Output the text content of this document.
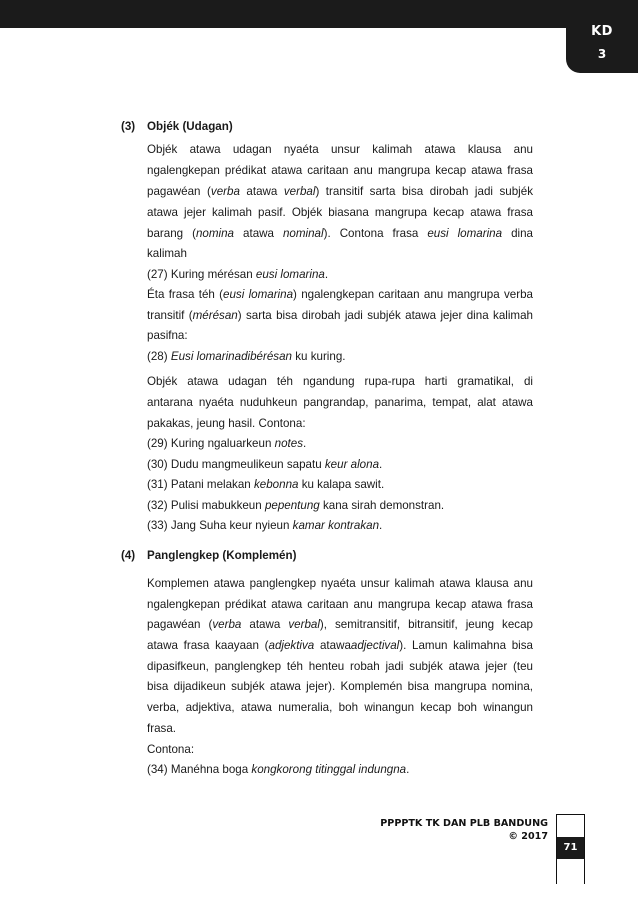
KD
3
(3) Objék (Udagan)
Objék atawa udagan nyaéta unsur kalimah atawa klausa anu
ngalengkepan prédikat atawa caritaan anu mangrupa kecap atawa frasa
pagawéan (verba atawa verbal) transitif sarta bisa dirobah jadi subjék
atawa jejer kalimah pasif. Objék biasana mangrupa kecap atawa frasa
barang (nomina atawa nominal). Contona frasa eusi lomarina dina
kalimah
(27) Kuring mérésan eusi lomarina.
Éta frasa téh (eusi lomarina) ngalengkepan caritaan anu mangrupa verba
transitif (mérésan) sarta bisa dirobah jadi subjék atawa jejer dina kalimah
pasifna:
(28) Eusi lomarinadibérésan ku kuring.
Objék atawa udagan téh ngandung rupa-rupa harti gramatikal, di
antarana nyaéta nuduhkeun pangrandap, panarima, tempat, alat atawa
pakakas, jeung hasil. Contona:
(29) Kuring ngaluarkeun notes.
(30) Dudu mangmeulikeun sapatu keur alona.
(31) Patani melakan kebonna ku kalapa sawit.
(32) Pulisi mabukkeun pepentung kana sirah demonstran.
(33) Jang Suha keur nyieun kamar kontrakan.
(4) Panglengkep (Komplemén)
Komplemen atawa panglengkep nyaéta unsur kalimah atawa klausa anu
ngalengkepan prédikat atawa caritaan anu mangrupa kecap atawa frasa
pagawéan (verba atawa verbal), semitransitif, bitransitif, jeung kecap
atawa frasa kaayaan (adjektiva atawaadjectival). Lamun kalimahna bisa
dipasifkeun, panglengkep téh henteu robah jadi subjék atawa jejer (teu
bisa dijadikeun subjék atawa jejer). Komplemén bisa mangrupa nomina,
verba, adjektiva, atawa numeralia, boh winangun kecap boh winangun
frasa.
Contona:
(34) Manéhna boga kongkorong titinggal indungna.
PPPPTK TK DAN PLB BANDUNG
© 2017
71
